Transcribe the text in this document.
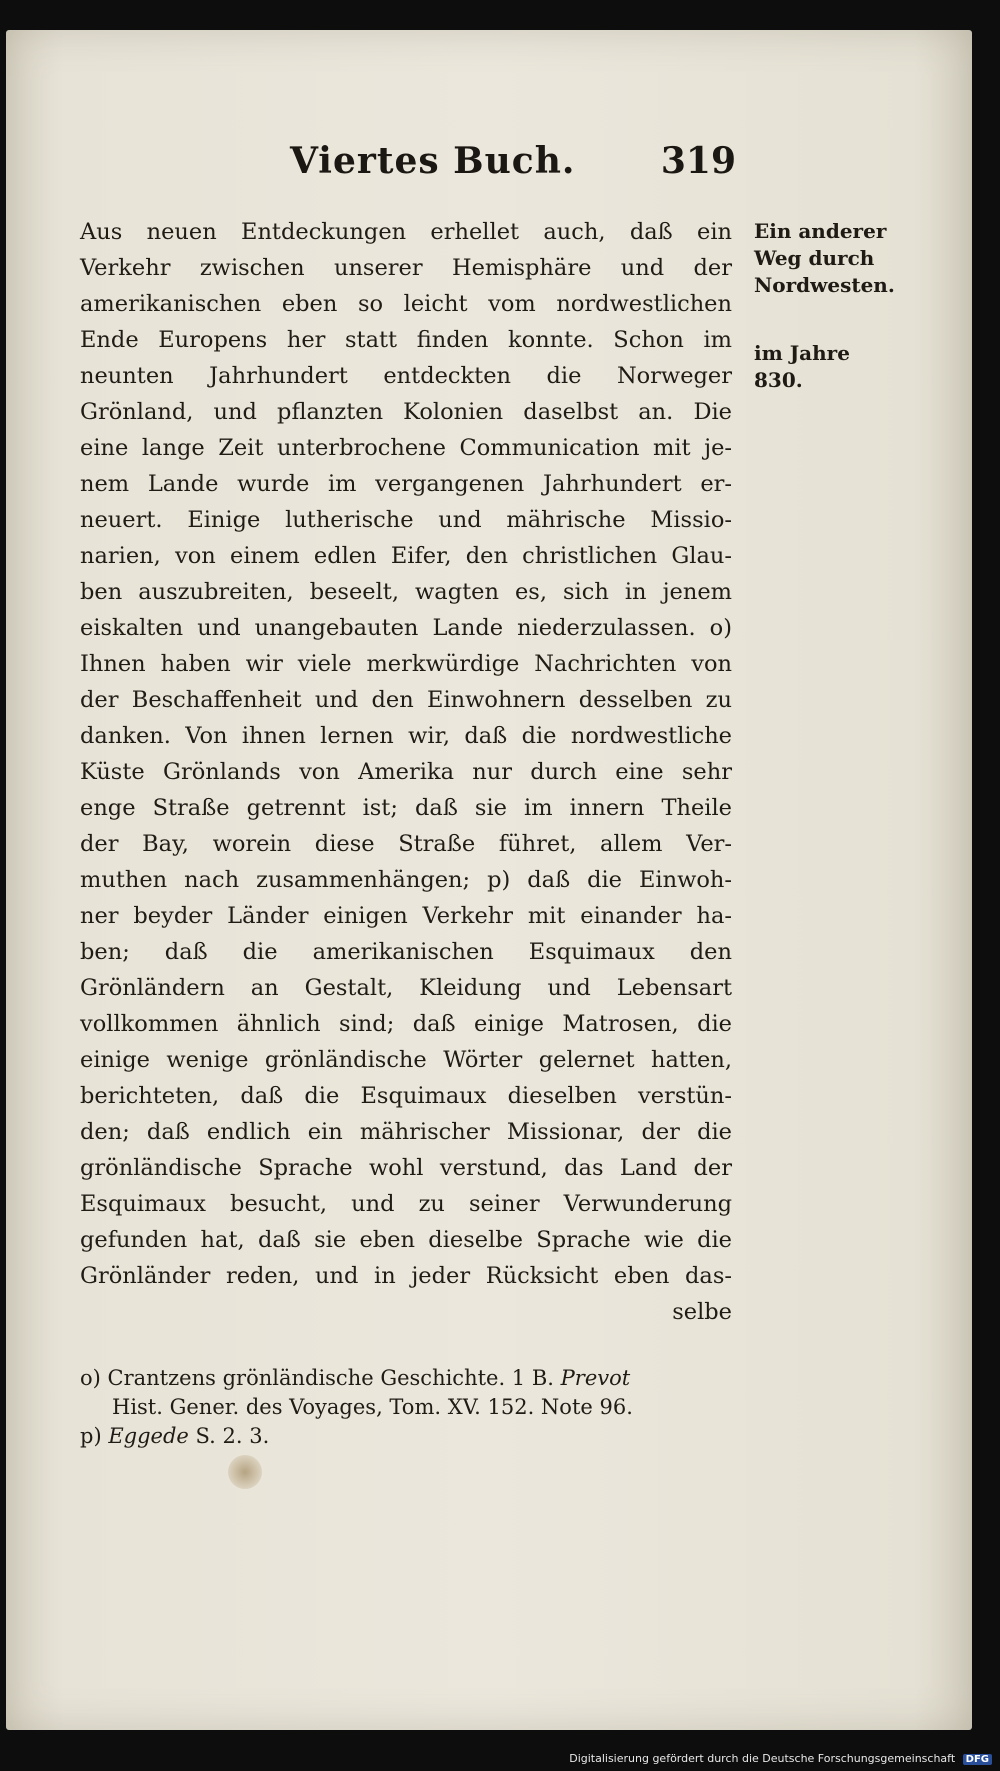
Viertes Buch. 319
Aus neuen Entdeckungen erhellet auch, daß ein
Verkehr zwischen unserer Hemisphäre und der
amerikanischen eben so leicht vom nordwestlichen
Ende Europens her statt finden konnte. Schon im
neunten Jahrhundert entdeckten die Norweger
Grönland, und pflanzten Kolonien daselbst an. Die
eine lange Zeit unterbrochene Communication mit je-
nem Lande wurde im vergangenen Jahrhundert er-
neuert. Einige lutherische und mährische Missio-
narien, von einem edlen Eifer, den christlichen Glau-
ben auszubreiten, beseelt, wagten es, sich in jenem
eiskalten und unangebauten Lande niederzulassen. o)
Ihnen haben wir viele merkwürdige Nachrichten von
der Beschaffenheit und den Einwohnern desselben zu
danken. Von ihnen lernen wir, daß die nordwestliche
Küste Grönlands von Amerika nur durch eine sehr
enge Straße getrennt ist; daß sie im innern Theile
der Bay, worein diese Straße führet, allem Ver-
muthen nach zusammenhängen; p) daß die Einwoh-
ner beyder Länder einigen Verkehr mit einander ha-
ben; daß die amerikanischen Esquimaux den
Grönländern an Gestalt, Kleidung und Lebensart
vollkommen ähnlich sind; daß einige Matrosen, die
einige wenige grönländische Wörter gelernet hatten,
berichteten, daß die Esquimaux dieselben verstün-
den; daß endlich ein mährischer Missionar, der die
grönländische Sprache wohl verstund, das Land der
Esquimaux besucht, und zu seiner Verwunderung
gefunden hat, daß sie eben dieselbe Sprache wie die
Grönländer reden, und in jeder Rücksicht eben das-
selbe
Ein anderer
Weg durch
Nordwesten.
im Jahre
830.
o) Crantzens grönländische Geschichte. 1 B. Prevot
Hist. Gener. des Voyages, Tom. XV. 152. Note 96.
p) Eggede S. 2. 3.
Digitalisierung gefördert durch die Deutsche Forschungsgemeinschaft DFG
